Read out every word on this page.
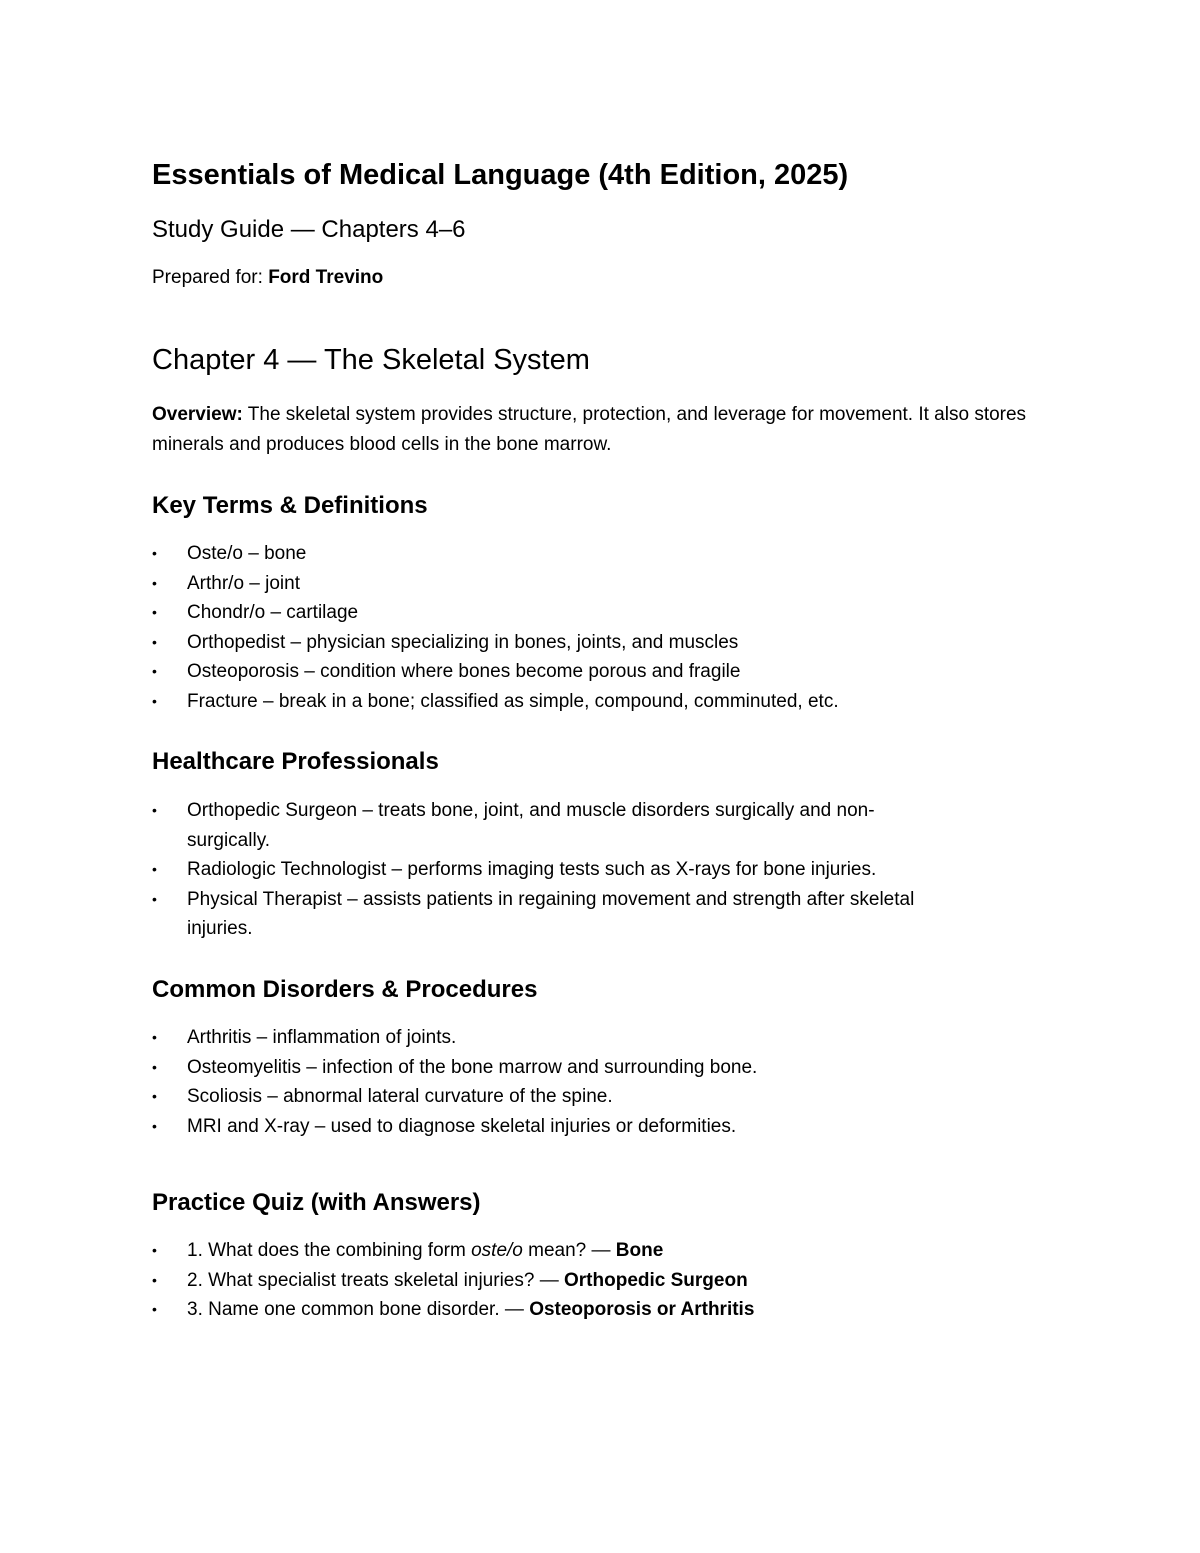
Essentials of Medical Language (4th Edition, 2025)

Study Guide — Chapters 4–6

Prepared for: Ford Trevino

Chapter 4 — The Skeletal System

Overview: The skeletal system provides structure, protection, and leverage for movement. It also stores minerals and produces blood cells in the bone marrow.

Key Terms & Definitions
• Oste/o – bone
• Arthr/o – joint
• Chondr/o – cartilage
• Orthopedist – physician specializing in bones, joints, and muscles
• Osteoporosis – condition where bones become porous and fragile
• Fracture – break in a bone; classified as simple, compound, comminuted, etc.
Healthcare Professionals
• Orthopedic Surgeon – treats bone, joint, and muscle disorders surgically and non-surgically.
• Radiologic Technologist – performs imaging tests such as X-rays for bone injuries.
• Physical Therapist – assists patients in regaining movement and strength after skeletal injuries.
Common Disorders & Procedures
• Arthritis – inflammation of joints.
• Osteomyelitis – infection of the bone marrow and surrounding bone.
• Scoliosis – abnormal lateral curvature of the spine.
• MRI and X-ray – used to diagnose skeletal injuries or deformities.
Practice Quiz (with Answers)
• 1. What does the combining form oste/o mean? — Bone
• 2. What specialist treats skeletal injuries? — Orthopedic Surgeon
• 3. Name one common bone disorder. — Osteoporosis or Arthritis
